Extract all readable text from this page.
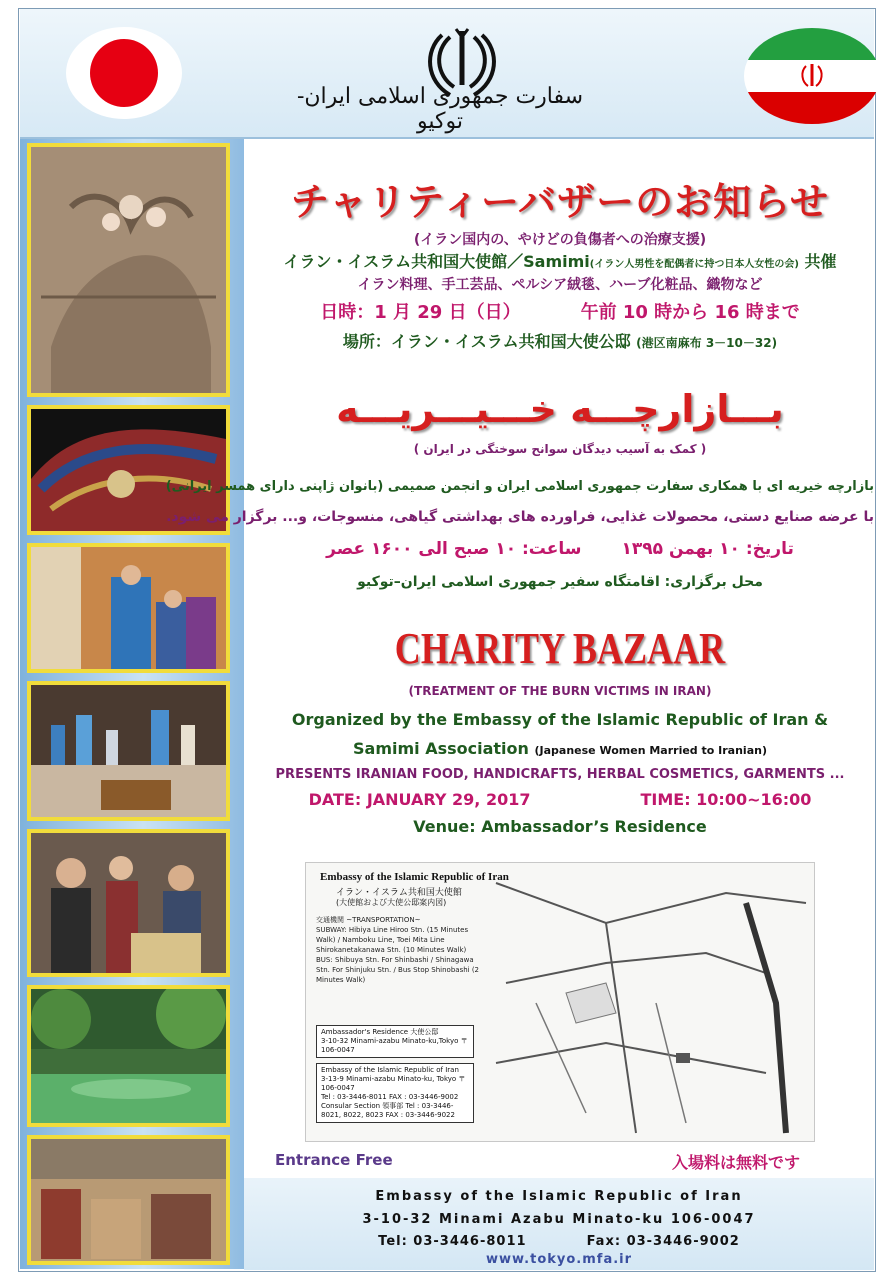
سفارت جمهوری اسلامی ایران- توکیو
チャリティーバザーのお知らせ
(イラン国内の、やけどの負傷者への治療支援)
イラン・イスラム共和国大使館／Samimi(イラン人男性を配偶者に持つ日本人女性の会) 共催
イラン料理、手工芸品、ペルシア絨毯、ハーブ化粧品、織物など
日時：1 月 29 日（日）	午前 10 時から 16 時まで
場所：イラン・イスラム共和国大使公邸 (港区南麻布 3－10－32)
بـــازارچـــه خـــیـــریـــه
( کمک به آسیب دیدگان سوانح سوختگی در ایران )
بازارچه خیریه ای با همکاری سفارت جمهوری اسلامی ایران و انجمن صمیمی (بانوان ژاپنی دارای همسر ایرانی)
با عرضه صنایع دستی، محصولات غذایی، فراورده های بهداشتی گیاهی، منسوجات، و... برگزار می شود.
تاریخ: ۱۰ بهمن ۱۳۹۵ساعت: ۱۰ صبح الی ۱۶۰۰ عصر
محل برگزاری: اقامتگاه سفیر جمهوری اسلامی ایران–توکیو
CHARITY BAZAAR
(TREATMENT OF THE BURN VICTIMS IN IRAN)
Organized by the Embassy of the Islamic Republic of Iran &
Samimi Association (Japanese Women Married to Iranian)
PRESENTS IRANIAN FOOD, HANDICRAFTS, HERBAL COSMETICS, GARMENTS ...
DATE: JANUARY 29, 2017	TIME: 10:00~16:00
Venue: Ambassador’s Residence
Embassy of the Islamic Republic of Iran
イラン・イスラム共和国大使館
(大使館および大使公邸案内図)
交通機関 ~TRANSPORTATION~
SUBWAY: Hibiya Line Hiroo Stn. (15 Minutes Walk) / Namboku Line, Toei Mita Line Shirokanetakanawa Stn. (10 Minutes Walk)
BUS: Shibuya Stn. For Shinbashi / Shinagawa Stn. For Shinjuku Stn. / Bus Stop Shinobashi (2 Minutes Walk)
Ambassador's Residence 大使公邸
3-10-32 Minami-azabu Minato-ku,Tokyo 〒106-0047
Embassy of the Islamic Republic of Iran
3-13-9 Minami-azabu Minato-ku, Tokyo 〒106-0047
Tel : 03-3446-8011 FAX : 03-3446-9002
Consular Section 領事部 Tel : 03-3446-8021, 8022, 8023 FAX : 03-3446-9022
Entrance Free	入場料は無料です
Embassy of the Islamic Republic of Iran
3-10-32 Minami Azabu Minato-ku 106-0047
Tel: 03-3446-8011	Fax: 03-3446-9002
www.tokyo.mfa.ir
